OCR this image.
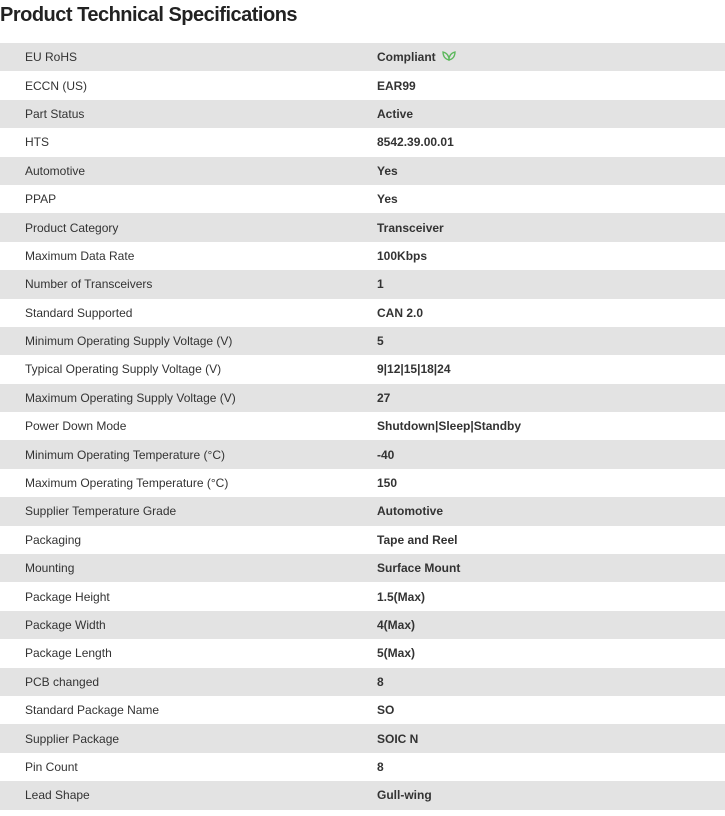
Product Technical Specifications
EU RoHS	Compliant
ECCN (US)	EAR99
Part Status	Active
HTS	8542.39.00.01
Automotive	Yes
PPAP	Yes
Product Category	Transceiver
Maximum Data Rate	100Kbps
Number of Transceivers	1
Standard Supported	CAN 2.0
Minimum Operating Supply Voltage (V)	5
Typical Operating Supply Voltage (V)	9|12|15|18|24
Maximum Operating Supply Voltage (V)	27
Power Down Mode	Shutdown|Sleep|Standby
Minimum Operating Temperature (°C)	-40
Maximum Operating Temperature (°C)	150
Supplier Temperature Grade	Automotive
Packaging	Tape and Reel
Mounting	Surface Mount
Package Height	1.5(Max)
Package Width	4(Max)
Package Length	5(Max)
PCB changed	8
Standard Package Name	SO
Supplier Package	SOIC N
Pin Count	8
Lead Shape	Gull-wing
